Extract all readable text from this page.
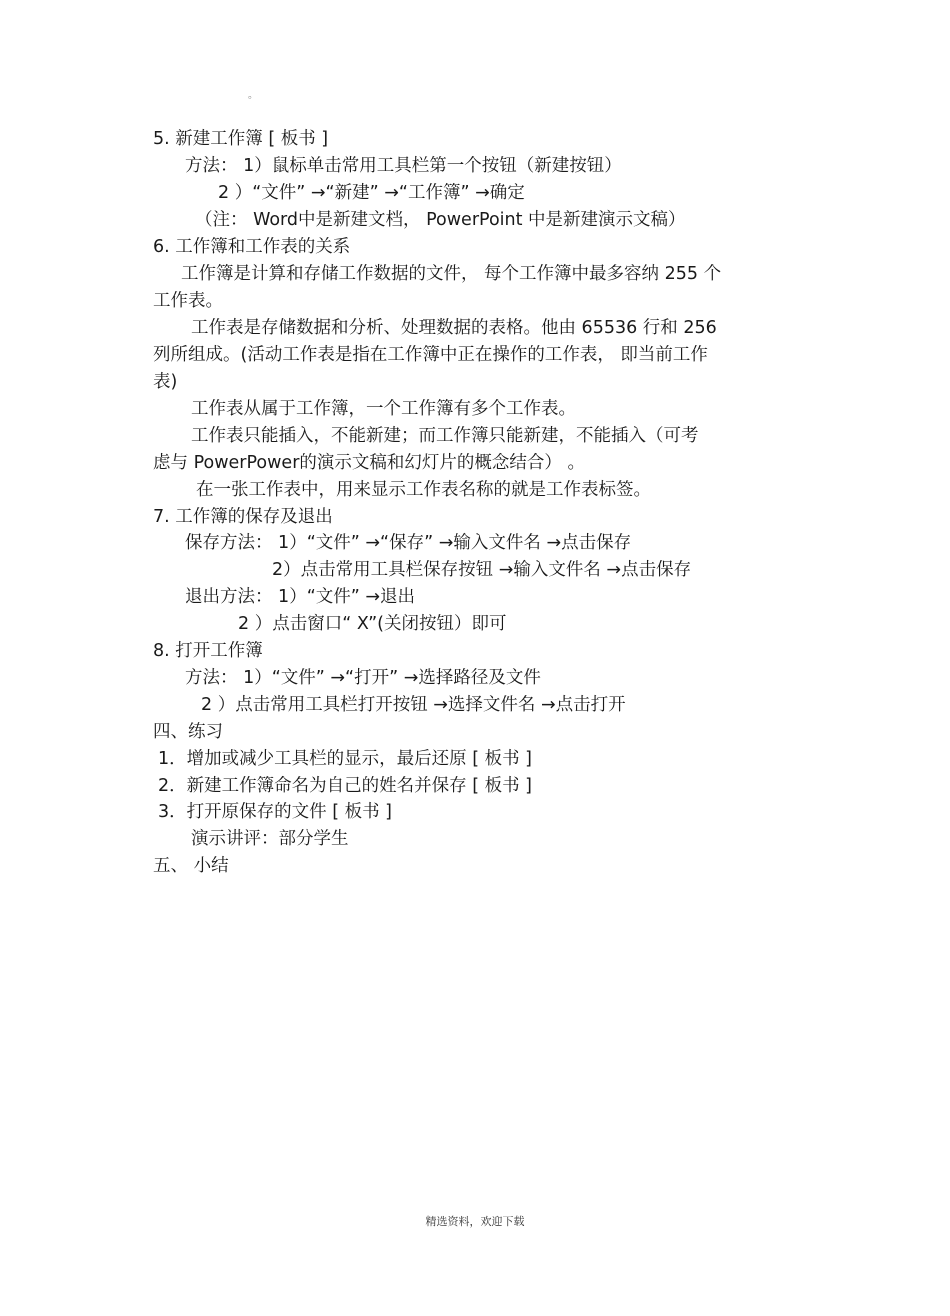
。
5. 新建工作簿 [ 板书 ]
方法： 1）鼠标单击常用工具栏第一个按钮（新建按钮）
2 ）“文件” →“新建” →“工作簿” →确定
（注： Word中是新建文档， PowerPoint 中是新建演示文稿）
6. 工作簿和工作表的关系
工作簿是计算和存储工作数据的文件， 每个工作簿中最多容纳 255 个
工作表。
工作表是存储数据和分析、处理数据的表格。他由 65536 行和 256
列所组成。(活动工作表是指在工作簿中正在操作的工作表， 即当前工作
表)
工作表从属于工作簿，一个工作簿有多个工作表。
工作表只能插入，不能新建；而工作簿只能新建，不能插入（可考
虑与 PowerPower的演示文稿和幻灯片的概念结合） 。
在一张工作表中，用来显示工作表名称的就是工作表标签。
7. 工作簿的保存及退出
保存方法： 1）“文件” →“保存” →输入文件名 →点击保存
2）点击常用工具栏保存按钮 →输入文件名 →点击保存
退出方法： 1）“文件” →退出
2 ）点击窗口“ X”(关闭按钮）即可
8. 打开工作簿
方法： 1）“文件” →“打开” →选择路径及文件
2 ）点击常用工具栏打开按钮 →选择文件名 →点击打开
四、练习
1．增加或减少工具栏的显示，最后还原 [ 板书 ]
2．新建工作簿命名为自己的姓名并保存 [ 板书 ]
3．打开原保存的文件 [ 板书 ]
演示讲评：部分学生
五、 小结
精选资料，欢迎下载
